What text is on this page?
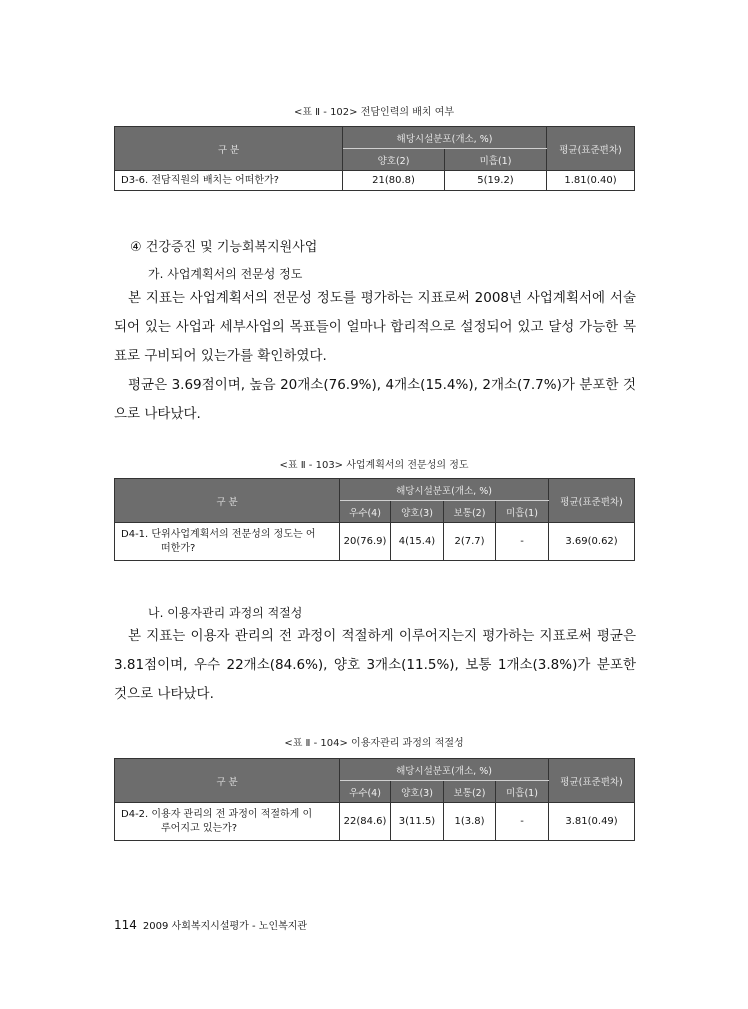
<표 Ⅱ - 102> 전담인력의 배치 여부
구 분	해당시설분포(개소, %)		평균(표준편차)
	양호(2)	미흡(1)	
D3-6. 전담직원의 배치는 어떠한가?	21(80.8)	5(19.2)	1.81(0.40)
④ 건강증진 및 기능회복지원사업
가. 사업계획서의 전문성 정도

본 지표는 사업계획서의 전문성 정도를 평가하는 지표로써 2008년 사업계획서에 서술되어 있는 사업과 세부사업의 목표들이 얼마나 합리적으로 설정되어 있고 달성 가능한 목표로 구비되어 있는가를 확인하였다.

평균은 3.69점이며, 높음 20개소(76.9%), 4개소(15.4%), 2개소(7.7%)가 분포한 것으로 나타났다.

<표 Ⅱ - 103> 사업계획서의 전문성의 정도
구 분	해당시설분포(개소, %)				평균(표준편차)
	우수(4)	양호(3)	보통(2)	미흡(1)	

D4-1. 단위사업계획서의 전문성의 정도는 어
떠한가?	20(76.9)	4(15.4)	2(7.7)	-	3.69(0.62)
나. 이용자관리 과정의 적절성

본 지표는 이용자 관리의 전 과정이 적절하게 이루어지는지 평가하는 지표로써 평균은 3.81점이며, 우수 22개소(84.6%), 양호 3개소(11.5%), 보통 1개소(3.8%)가 분포한 것으로 나타났다.

<표 Ⅱ - 104> 이용자관리 과정의 적절성
구 분	해당시설분포(개소, %)				평균(표준편차)
	우수(4)	양호(3)	보통(2)	미흡(1)	

D4-2. 이용자 관리의 전 과정이 적절하게 이
루어지고 있는가?	22(84.6)	3(11.5)	1(3.8)	-	3.81(0.49)
114 2009 사회복지시설평가 - 노인복지관
